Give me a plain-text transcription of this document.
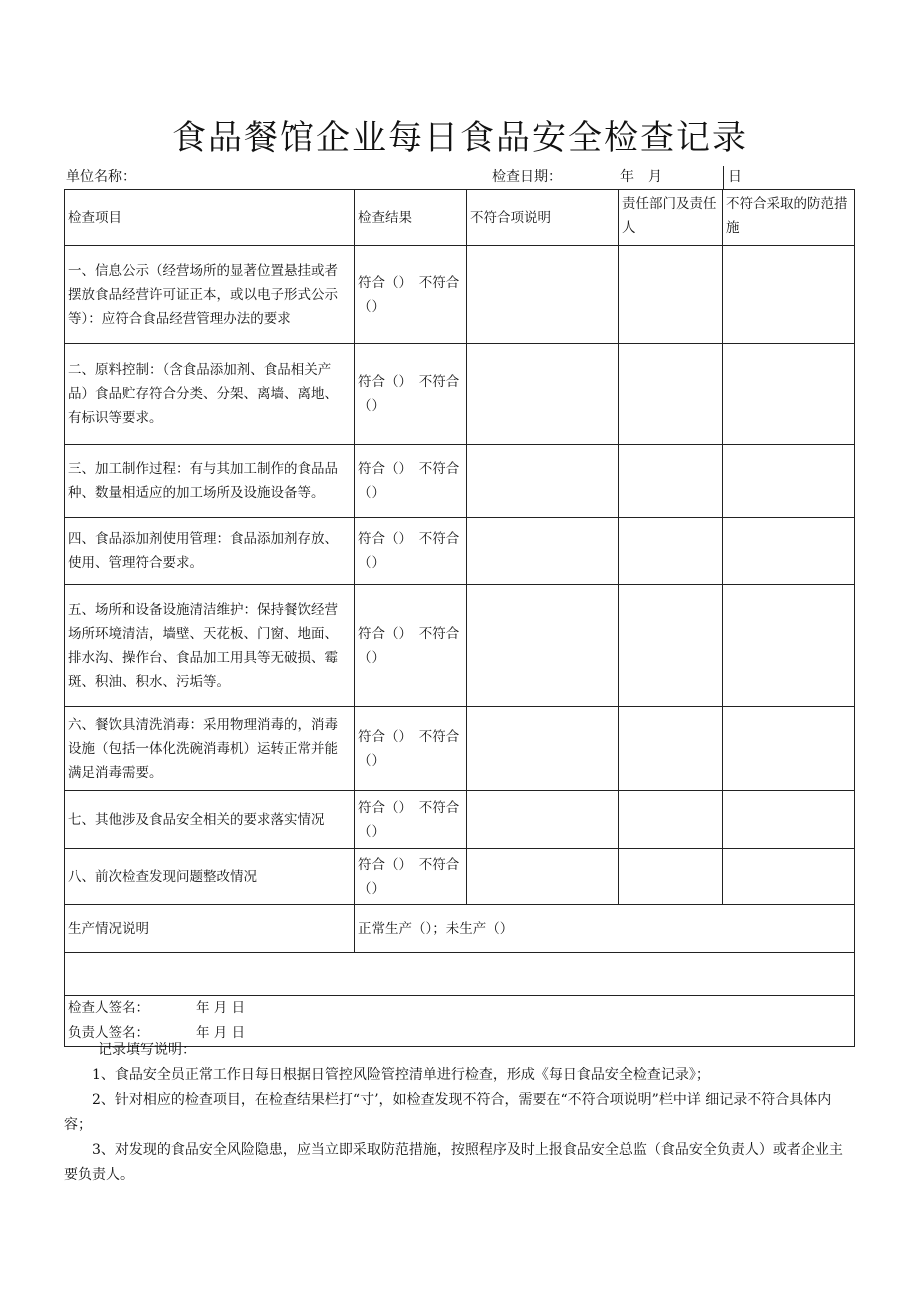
食品餐馆企业每日食品安全检查记录
单位名称：	检查日期：	年 月	日
检查项目	检查结果	不符合项说明	责任部门及责任人	不符合采取的防范措施
一、信息公示（经营场所的显著位置悬挂或者摆放食品经营许可证正本，或以电子形式公示等）：应符合食品经营管理办法的要求	符合（）　不符合（）			
二、原料控制：（含食品添加剂、食品相关产品）食品贮存符合分类、分架、离墙、离地、有标识等要求。	符合（）　不符合（）			
三、加工制作过程：有与其加工制作的食品品种、数量相适应的加工场所及设施设备等。	符合（）　不符合（）			
四、食品添加剂使用管理：食品添加剂存放、使用、管理符合要求。	符合（）　不符合（）			
五、场所和设备设施清洁维护：保持餐饮经营场所环境清洁，墙壁、天花板、门窗、地面、排水沟、操作台、食品加工用具等无破损、霉斑、积油、积水、污垢等。	符合（）　不符合（）			
六、餐饮具清洗消毒：采用物理消毒的，消毒设施（包括一体化洗碗消毒机）运转正常并能满足消毒需要。	符合（）　不符合（）			
七、其他涉及食品安全相关的要求落实情况	符合（）　不符合（）			
八、前次检查发现问题整改情况	符合（）　不符合（）			
生产情况说明	正常生产（）；未生产（）			

检查人签名： 年 月 日
负责人签名： 年 月 日				

记录填写说明：

1、食品安全员正常工作日每日根据日管控风险管控清单进行检查，形成《每日食品安全检查记录》；

2、针对相应的检查项目，在检查结果栏打“寸’，如检查发现不符合，需要在“不符合项说明”栏中详 细记录不符合具体内容；

3、对发现的食品安全风险隐患，应当立即采取防范措施，按照程序及时上报食品安全总监（食品安全负责人）或者企业主要负责人。
